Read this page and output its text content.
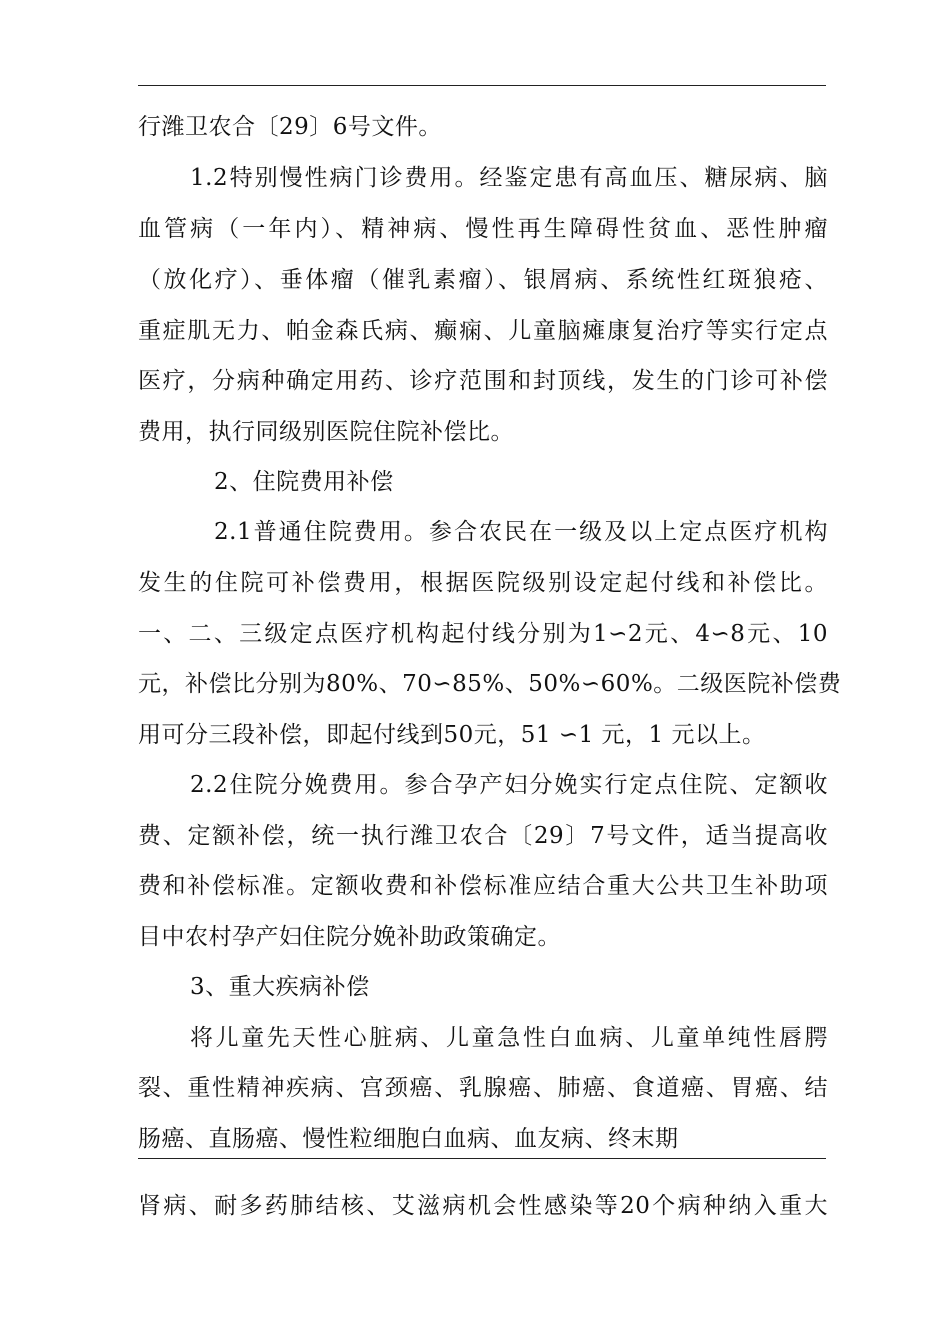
行潍卫农合〔29〕6号文件。
1.2特别慢性病门诊费用。经鉴定患有高血压、糖尿病、脑
血管病（一年内）、精神病、慢性再生障碍性贫血、恶性肿瘤
（放化疗）、垂体瘤（催乳素瘤）、银屑病、系统性红斑狼疮、
重症肌无力、帕金森氏病、癫痫、儿童脑瘫康复治疗等实行定点
医疗，分病种确定用药、诊疗范围和封顶线，发生的门诊可补偿
费用，执行同级别医院住院补偿比。
2、住院费用补偿
2.1普通住院费用。参合农民在一级及以上定点医疗机构
发生的住院可补偿费用，根据医院级别设定起付线和补偿比。
一、二、三级定点医疗机构起付线分别为1∽2元、4∽8元、10
元，补偿比分别为80%、70∽85%、50%∽60%。二级医院补偿费
用可分三段补偿，即起付线到50元，51 ∽1 元，1 元以上。
2.2住院分娩费用。参合孕产妇分娩实行定点住院、定额收
费、定额补偿，统一执行潍卫农合〔29〕7号文件，适当提高收
费和补偿标准。定额收费和补偿标准应结合重大公共卫生补助项
目中农村孕产妇住院分娩补助政策确定。
3、重大疾病补偿
将儿童先天性心脏病、儿童急性白血病、儿童单纯性唇腭
裂、重性精神疾病、宫颈癌、乳腺癌、肺癌、食道癌、胃癌、结
肠癌、直肠癌、慢性粒细胞白血病、血友病、终末期
肾病、耐多药肺结核、艾滋病机会性感染等20个病种纳入重大
